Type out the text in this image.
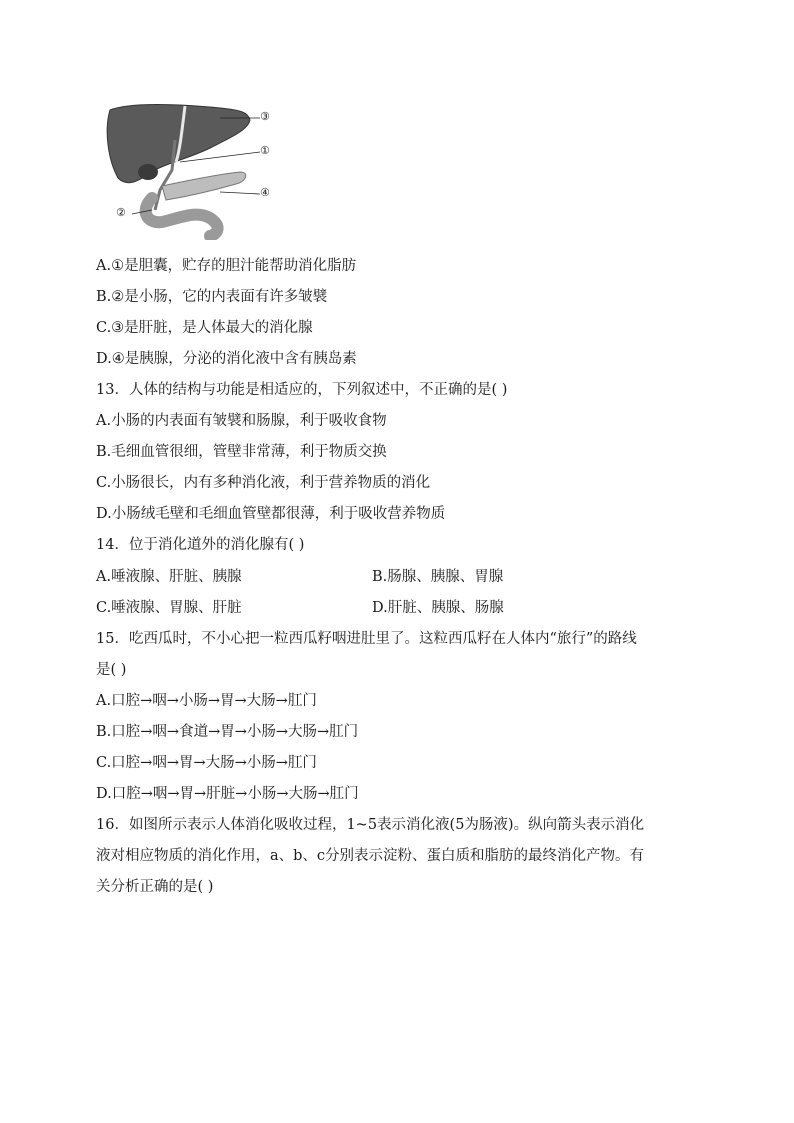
③
①
④
②
A.①是胆囊，贮存的胆汁能帮助消化脂肪
B.②是小肠，它的内表面有许多皱襞
C.③是肝脏，是人体最大的消化腺
D.④是胰腺，分泌的消化液中含有胰岛素
13．人体的结构与功能是相适应的，下列叙述中，不正确的是( )
A.小肠的内表面有皱襞和肠腺，利于吸收食物
B.毛细血管很细，管壁非常薄，利于物质交换
C.小肠很长，内有多种消化液，利于营养物质的消化
D.小肠绒毛壁和毛细血管壁都很薄，利于吸收营养物质
14．位于消化道外的消化腺有( )
A.唾液腺、肝脏、胰腺	B.肠腺、胰腺、胃腺
C.唾液腺、胃腺、肝脏	D.肝脏、胰腺、肠腺
15．吃西瓜时，不小心把一粒西瓜籽咽进肚里了。这粒西瓜籽在人体内“旅行”的路线
是( )
A.口腔→咽→小肠→胃→大肠→肛门
B.口腔→咽→食道→胃→小肠→大肠→肛门
C.口腔→咽→胃→大肠→小肠→肛门
D.口腔→咽→胃→肝脏→小肠→大肠→肛门
16．如图所示表示人体消化吸收过程，1~5表示消化液(5为肠液)。纵向箭头表示消化
液对相应物质的消化作用，a、b、c分别表示淀粉、蛋白质和脂肪的最终消化产物。有
关分析正确的是( )
